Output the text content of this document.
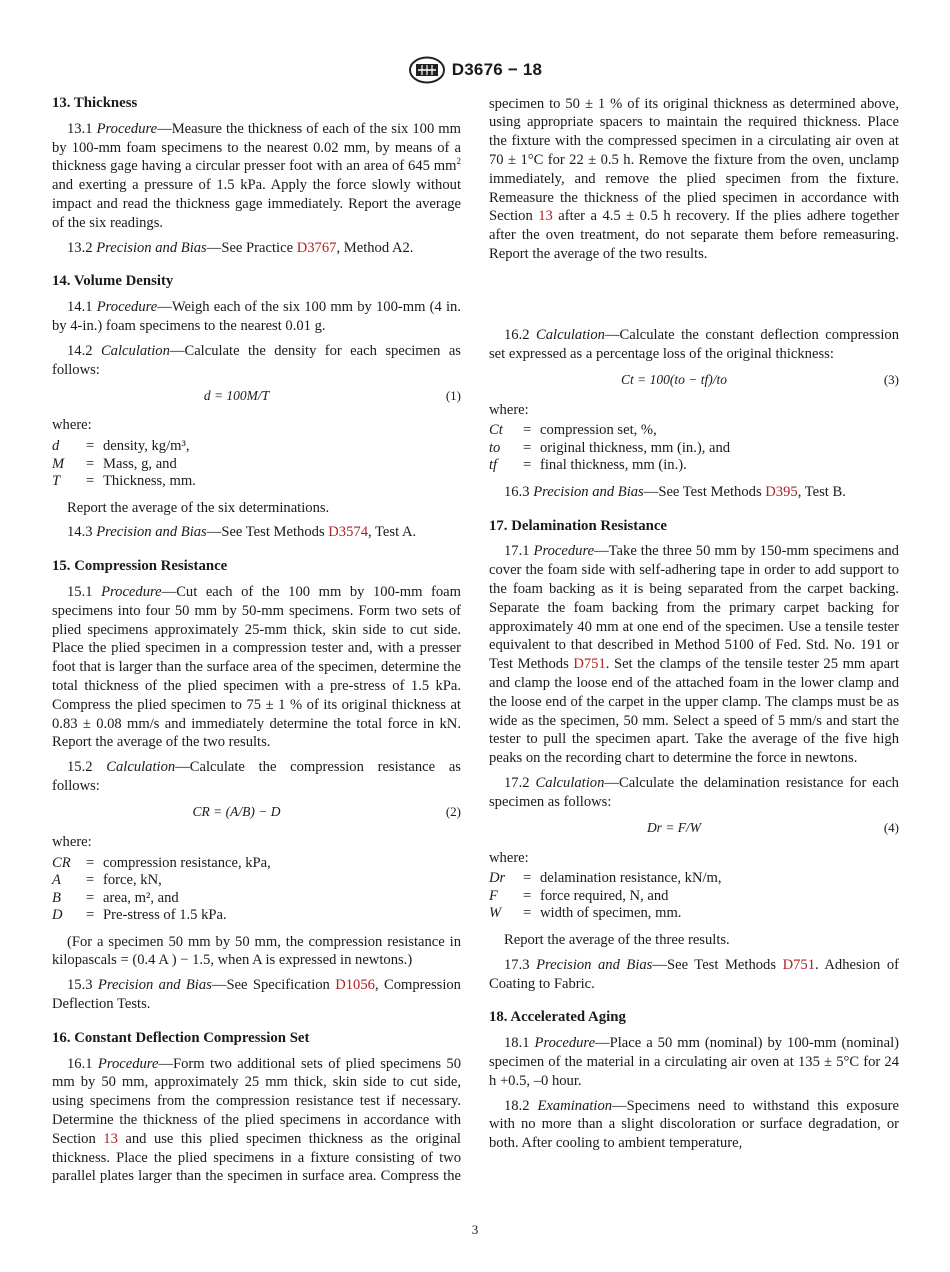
D3676 − 18
13. Thickness

13.1 Procedure—Measure the thickness of each of the six 100 mm by 100-mm foam specimens to the nearest 0.02 mm, by means of a thickness gage having a circular presser foot with an area of 645 $mm^2$ and exerting a pressure of 1.5 kPa. Apply the force slowly without impact and read the thickness gage immediately. Report the average of the six readings.

13.2 Precision and Bias—See Practice D3767, Method A2.

14. Volume Density

14.1 Procedure—Weigh each of the six 100 mm by 100-mm (4 in. by 4-in.) foam specimens to the nearest 0.01 g.

14.2 Calculation—Calculate the density for each specimen as follows:

d = 100M/T	(1)
where:
d	= density, kg/m³,
M	= Mass, g, and
T	= Thickness, mm.

Report the average of the six determinations.

14.3 Precision and Bias—See Test Methods D3574, Test A.

15. Compression Resistance

15.1 Procedure—Cut each of the 100 mm by 100-mm foam specimens into four 50 mm by 50-mm specimens. Form two sets of plied specimens approximately 25-mm thick, skin side to cut side. Place the plied specimen in a compression tester and, with a presser foot that is larger than the surface area of the specimen, determine the total thickness of the plied specimen with a pre-stress of 1.5 kPa. Compress the plied specimen to 75 ± 1 % of its original thickness at 0.83 ± 0.08 mm/s and immediately determine the total force in kN. Report the average of the two results.

15.2 Calculation—Calculate the compression resistance as follows:

CR = (A/B) − D	(2)
where:
CR	= compression resistance, kPa,
A	= force, kN,
B	= area, m², and
D	= Pre-stress of 1.5 kPa.

(For a specimen 50 mm by 50 mm, the compression resistance in kilopascals = (0.4 A ) − 1.5, when A is expressed in newtons.)

15.3 Precision and Bias—See Specification D1056, Compression Deflection Tests.

16. Constant Deflection Compression Set

16.1 Procedure—Form two additional sets of plied specimens 50 mm by 50 mm, approximately 25 mm thick, skin side to cut side, using specimens from the compression resistance test if necessary. Determine the thickness of the plied specimens in accordance with Section 13 and use this plied specimen thickness as the original thickness. Place the plied specimens in a fixture consisting of two parallel plates larger than the specimen in surface area. Compress the

specimen to 50 ± 1 % of its original thickness as determined above, using appropriate spacers to maintain the required thickness. Place the fixture with the compressed specimen in a circulating air oven at 70 ± 1°C for 22 ± 0.5 h. Remove the fixture from the oven, unclamp immediately, and remove the plied specimen from the fixture. Remeasure the thickness of the plied specimen in accordance with Section 13 after a 4.5 ± 0.5 h recovery. If the plies adhere together after the oven treatment, do not separate them before remeasuring. Report the average of the two results.

16.2 Calculation—Calculate the constant deflection compression set expressed as a percentage loss of the original thickness:

Ct = 100(to − tf)/to	(3)
where:
Ct	= compression set, %,
to	= original thickness, mm (in.), and
tf	= final thickness, mm (in.).

16.3 Precision and Bias—See Test Methods D395, Test B.

17. Delamination Resistance

17.1 Procedure—Take the three 50 mm by 150-mm specimens and cover the foam side with self-adhering tape in order to add support to the foam backing as it is being separated from the carpet backing. Separate the foam backing from the primary carpet backing for approximately 40 mm at one end of the specimen. Use a tensile tester equivalent to that described in Method 5100 of Fed. Std. No. 191 or Test Methods D751. Set the clamps of the tensile tester 25 mm apart and clamp the loose end of the attached foam in the lower clamp and the loose end of the carpet in the upper clamp. The clamps must be as wide as the specimen, 50 mm. Select a speed of 5 mm/s and start the tester to pull the specimen apart. Take the average of the five high peaks on the recording chart to determine the force in newtons.

17.2 Calculation—Calculate the delamination resistance for each specimen as follows:

Dr = F/W	(4)
where:
Dr	= delamination resistance, kN/m,
F	= force required, N, and
W	= width of specimen, mm.

Report the average of the three results.

17.3 Precision and Bias—See Test Methods D751. Adhesion of Coating to Fabric.

18. Accelerated Aging

18.1 Procedure—Place a 50 mm (nominal) by 100-mm (nominal) specimen of the material in a circulating air oven at 135 ± 5°C for 24 h +0.5, –0 hour.

18.2 Examination—Specimens need to withstand this exposure with no more than a slight discoloration or surface degradation, or both. After cooling to ambient temperature,

3
